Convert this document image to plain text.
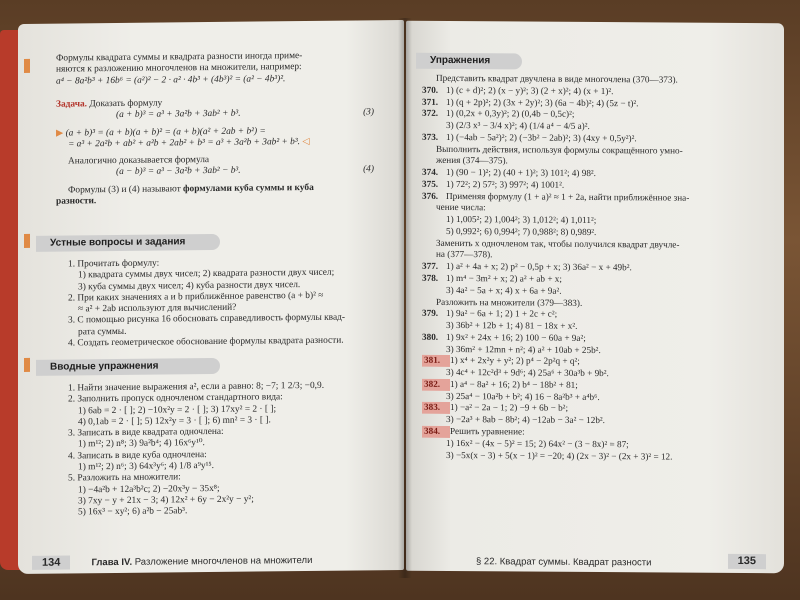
Формулы квадрата суммы и квадрата разности иногда приме-
няются к разложению многочленов на множители, например:
a⁴ − 8a²b³ + 16b⁶ = (a²)² − 2 · a² · 4b³ + (4b³)² = (a² − 4b³)².
Задача. Доказать формулу
(a + b)³ = a³ + 3a²b + 3ab² + b³.	(3)
▶ (a + b)³ = (a + b)(a + b)² = (a + b)(a² + 2ab + b²) =
= a³ + 2a²b + ab² + a²b + 2ab² + b³ = a³ + 3a²b + 3ab² + b³. ◁
Аналогично доказывается формула
(a − b)³ = a³ − 3a²b + 3ab² − b³.	(4)
Формулы (3) и (4) называют формулами куба суммы и куба
разности.
Устные вопросы и задания
1. Прочитать формулу:
1) квадрата суммы двух чисел; 2) квадрата разности двух чисел;
3) куба суммы двух чисел; 4) куба разности двух чисел.
2. При каких значениях a и b приближённое равенство (a + b)² ≈
≈ a² + 2ab используют для вычислений?
3. С помощью рисунка 16 обосновать справедливость формулы квад-
рата суммы.
4. Создать геометрическое обоснование формулы квадрата разности.
Вводные упражнения
1. Найти значение выражения a², если a равно: 8; −7; 1 2/3; −0,9.
2. Заполнить пропуск одночленом стандартного вида:
1) 6ab = 2 · [ ]; 2) −10x²y = 2 · [ ]; 3) 17xy² = 2 · [ ];
4) 0,1ab = 2 · [ ]; 5) 12x²y = 3 · [ ]; 6) mn² = 3 · [ ].
3. Записать в виде квадрата одночлена:
1) m¹²; 2) n⁸; 3) 9a²b⁴; 4) 16x⁶y¹⁰.
4. Записать в виде куба одночлена:
1) m¹²; 2) n⁶; 3) 64x³y⁶; 4) 1/8 a⁹y¹⁵.
5. Разложить на множители:
1) −4a²b + 12a³b²c; 2) −20x³y − 35x⁸;
3) 7xy − y + 21x − 3; 4) 12x² + 6y − 2x²y − y²;
5) 16x³ − xy²; 6) a²b − 25ab³.
134	Глава IV. Разложение многочленов на множители
Упражнения
Представить квадрат двучлена в виде многочлена (370—373).
370. 1) (c + d)²; 2) (x − y)²; 3) (2 + x)²; 4) (x + 1)².
371. 1) (q + 2p)²; 2) (3x + 2y)²; 3) (6a − 4b)²; 4) (5z − t)².
372. 1) (0,2x + 0,3y)²; 2) (0,4b − 0,5c)²;
3) (2/3 x³ − 3/4 x)²; 4) (1/4 a⁴ − 4/5 a)².
373. 1) (−4ab − 5a²)²; 2) (−3b² − 2ab)²; 3) (4xy + 0,5y²)².
Выполнить действия, используя формулы сокращённого умно-
жения (374—375).
374. 1) (90 − 1)²; 2) (40 + 1)²; 3) 101²; 4) 98².
375. 1) 72²; 2) 57²; 3) 997²; 4) 1001².
376. Применяя формулу (1 + a)² ≈ 1 + 2a, найти приближённое зна-
чение числа:
1) 1,005²; 2) 1,004²; 3) 1,012²; 4) 1,011²;
5) 0,992²; 6) 0,994²; 7) 0,988²; 8) 0,989².
Заменить x одночленом так, чтобы получился квадрат двучле-
на (377—378).
377. 1) a² + 4a + x; 2) p² − 0,5p + x; 3) 36a² − x + 49b².
378. 1) m⁴ − 3m² + x; 2) a² + ab + x;
3) 4a² − 5a + x; 4) x + 6a + 9a².
Разложить на множители (379—383).
379. 1) 9a² − 6a + 1; 2) 1 + 2c + c²;
3) 36b² + 12b + 1; 4) 81 − 18x + x².
380. 1) 9x² + 24x + 16; 2) 100 − 60a + 9a²;
3) 36m² + 12mn + n²; 4) a² + 10ab + 25b².
381. 1) x⁴ + 2x²y + y²; 2) p⁴ − 2p²q + q²;
3) 4c⁴ + 12c²d³ + 9d⁶; 4) 25a⁶ + 30a³b + 9b².
382. 1) a⁴ − 8a² + 16; 2) b⁴ − 18b² + 81;
3) 25a⁴ − 10a²b + b²; 4) 16 − 8a²b³ + a⁴b⁶.
383. 1) −a² − 2a − 1; 2) −9 + 6b − b²;
3) −2a³ + 8ab − 8b²; 4) −12ab − 3a² − 12b².
384. Решить уравнение:
1) 16x² − (4x − 5)² = 15; 2) 64x² − (3 − 8x)² = 87;
3) −5x(x − 3) + 5(x − 1)² = −20; 4) (2x − 3)² − (2x + 3)² = 12.
§ 22. Квадрат суммы. Квадрат разности	135
